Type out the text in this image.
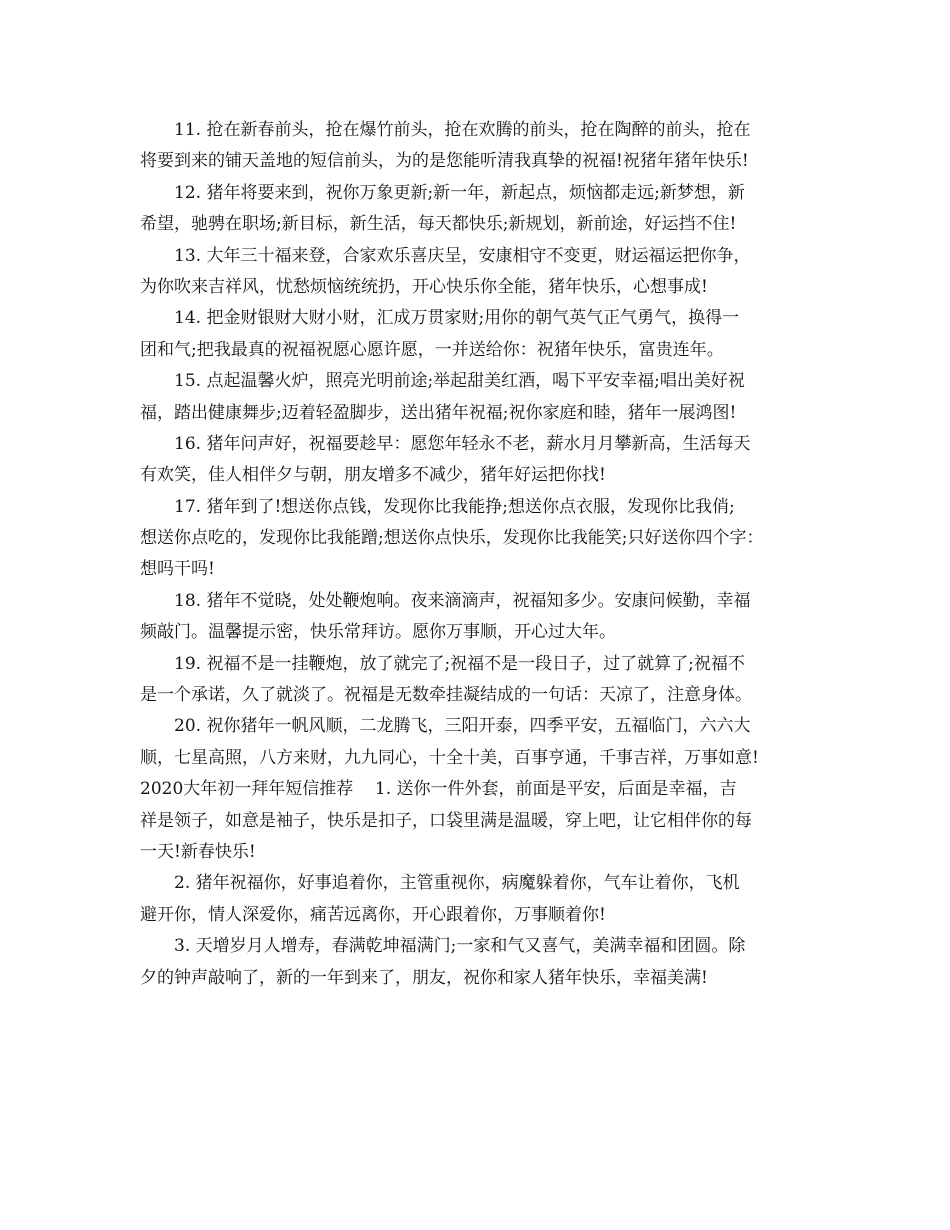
11. 抢在新春前头，抢在爆竹前头，抢在欢腾的前头，抢在陶醉的前头，抢在
将要到来的铺天盖地的短信前头，为的是您能听清我真挚的祝福!祝猪年猪年快乐!
12. 猪年将要来到，祝你万象更新;新一年，新起点，烦恼都走远;新梦想，新
希望，驰骋在职场;新目标，新生活，每天都快乐;新规划，新前途，好运挡不住!
13. 大年三十福来登，合家欢乐喜庆呈，安康相守不变更，财运福运把你争，
为你吹来吉祥风，忧愁烦恼统统扔，开心快乐你全能，猪年快乐，心想事成!
14. 把金财银财大财小财，汇成万贯家财;用你的朝气英气正气勇气，换得一
团和气;把我最真的祝福祝愿心愿许愿，一并送给你：祝猪年快乐，富贵连年。
15. 点起温馨火炉，照亮光明前途;举起甜美红酒，喝下平安幸福;唱出美好祝
福，踏出健康舞步;迈着轻盈脚步，送出猪年祝福;祝你家庭和睦，猪年一展鸿图!
16. 猪年问声好，祝福要趁早：愿您年轻永不老，薪水月月攀新高，生活每天
有欢笑，佳人相伴夕与朝，朋友增多不减少，猪年好运把你找!
17. 猪年到了!想送你点钱，发现你比我能挣;想送你点衣服，发现你比我俏;
想送你点吃的，发现你比我能蹭;想送你点快乐，发现你比我能笑;只好送你四个字：
想吗干吗!
18. 猪年不觉晓，处处鞭炮响。夜来滴滴声，祝福知多少。安康问候勤，幸福
频敲门。温馨提示密，快乐常拜访。愿你万事顺，开心过大年。
19. 祝福不是一挂鞭炮，放了就完了;祝福不是一段日子，过了就算了;祝福不
是一个承诺，久了就淡了。祝福是无数牵挂凝结成的一句话：天凉了，注意身体。
20. 祝你猪年一帆风顺，二龙腾飞，三阳开泰，四季平安，五福临门，六六大
顺，七星高照，八方来财，九九同心，十全十美，百事亨通，千事吉祥，万事如意!
2020大年初一拜年短信推荐    1. 送你一件外套，前面是平安，后面是幸福，吉
祥是领子，如意是袖子，快乐是扣子，口袋里满是温暖，穿上吧，让它相伴你的每
一天!新春快乐!
2. 猪年祝福你，好事追着你，主管重视你，病魔躲着你，气车让着你，飞机
避开你，情人深爱你，痛苦远离你，开心跟着你，万事顺着你!
3. 天增岁月人增寿，春满乾坤福满门;一家和气又喜气，美满幸福和团圆。除
夕的钟声敲响了，新的一年到来了，朋友，祝你和家人猪年快乐，幸福美满!
